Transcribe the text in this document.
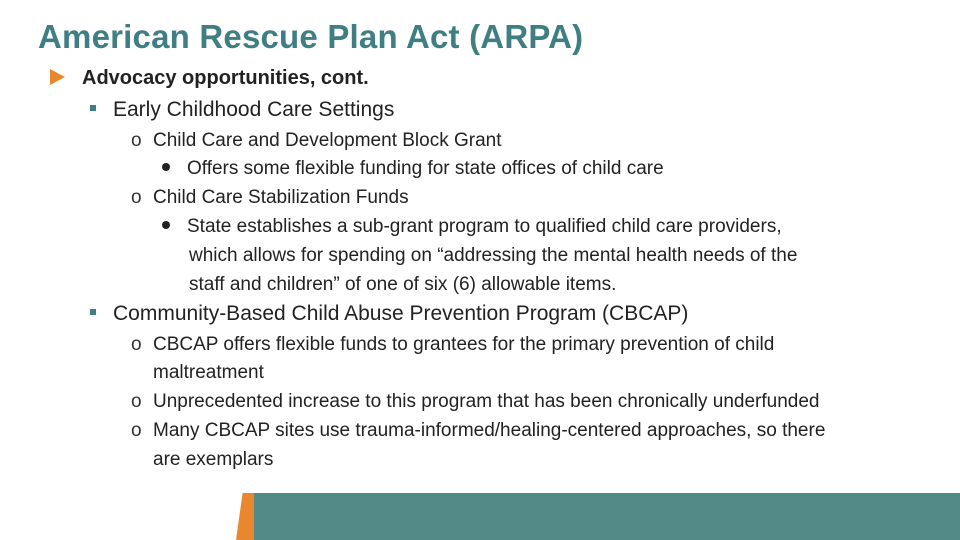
American Rescue Plan Act (ARPA)
Advocacy opportunities, cont.
Early Childhood Care Settings
o Child Care and Development Block Grant
Offers some flexible funding for state offices of child care
o Child Care Stabilization Funds
State establishes a sub-grant program to qualified child care providers,
which allows for spending on “addressing the mental health needs of the
staff and children” of one of six (6) allowable items.
Community-Based Child Abuse Prevention Program (CBCAP)
o CBCAP offers flexible funds to grantees for the primary prevention of child
maltreatment
o Unprecedented increase to this program that has been chronically underfunded
o Many CBCAP sites use trauma-informed/healing-centered approaches, so there
are exemplars
